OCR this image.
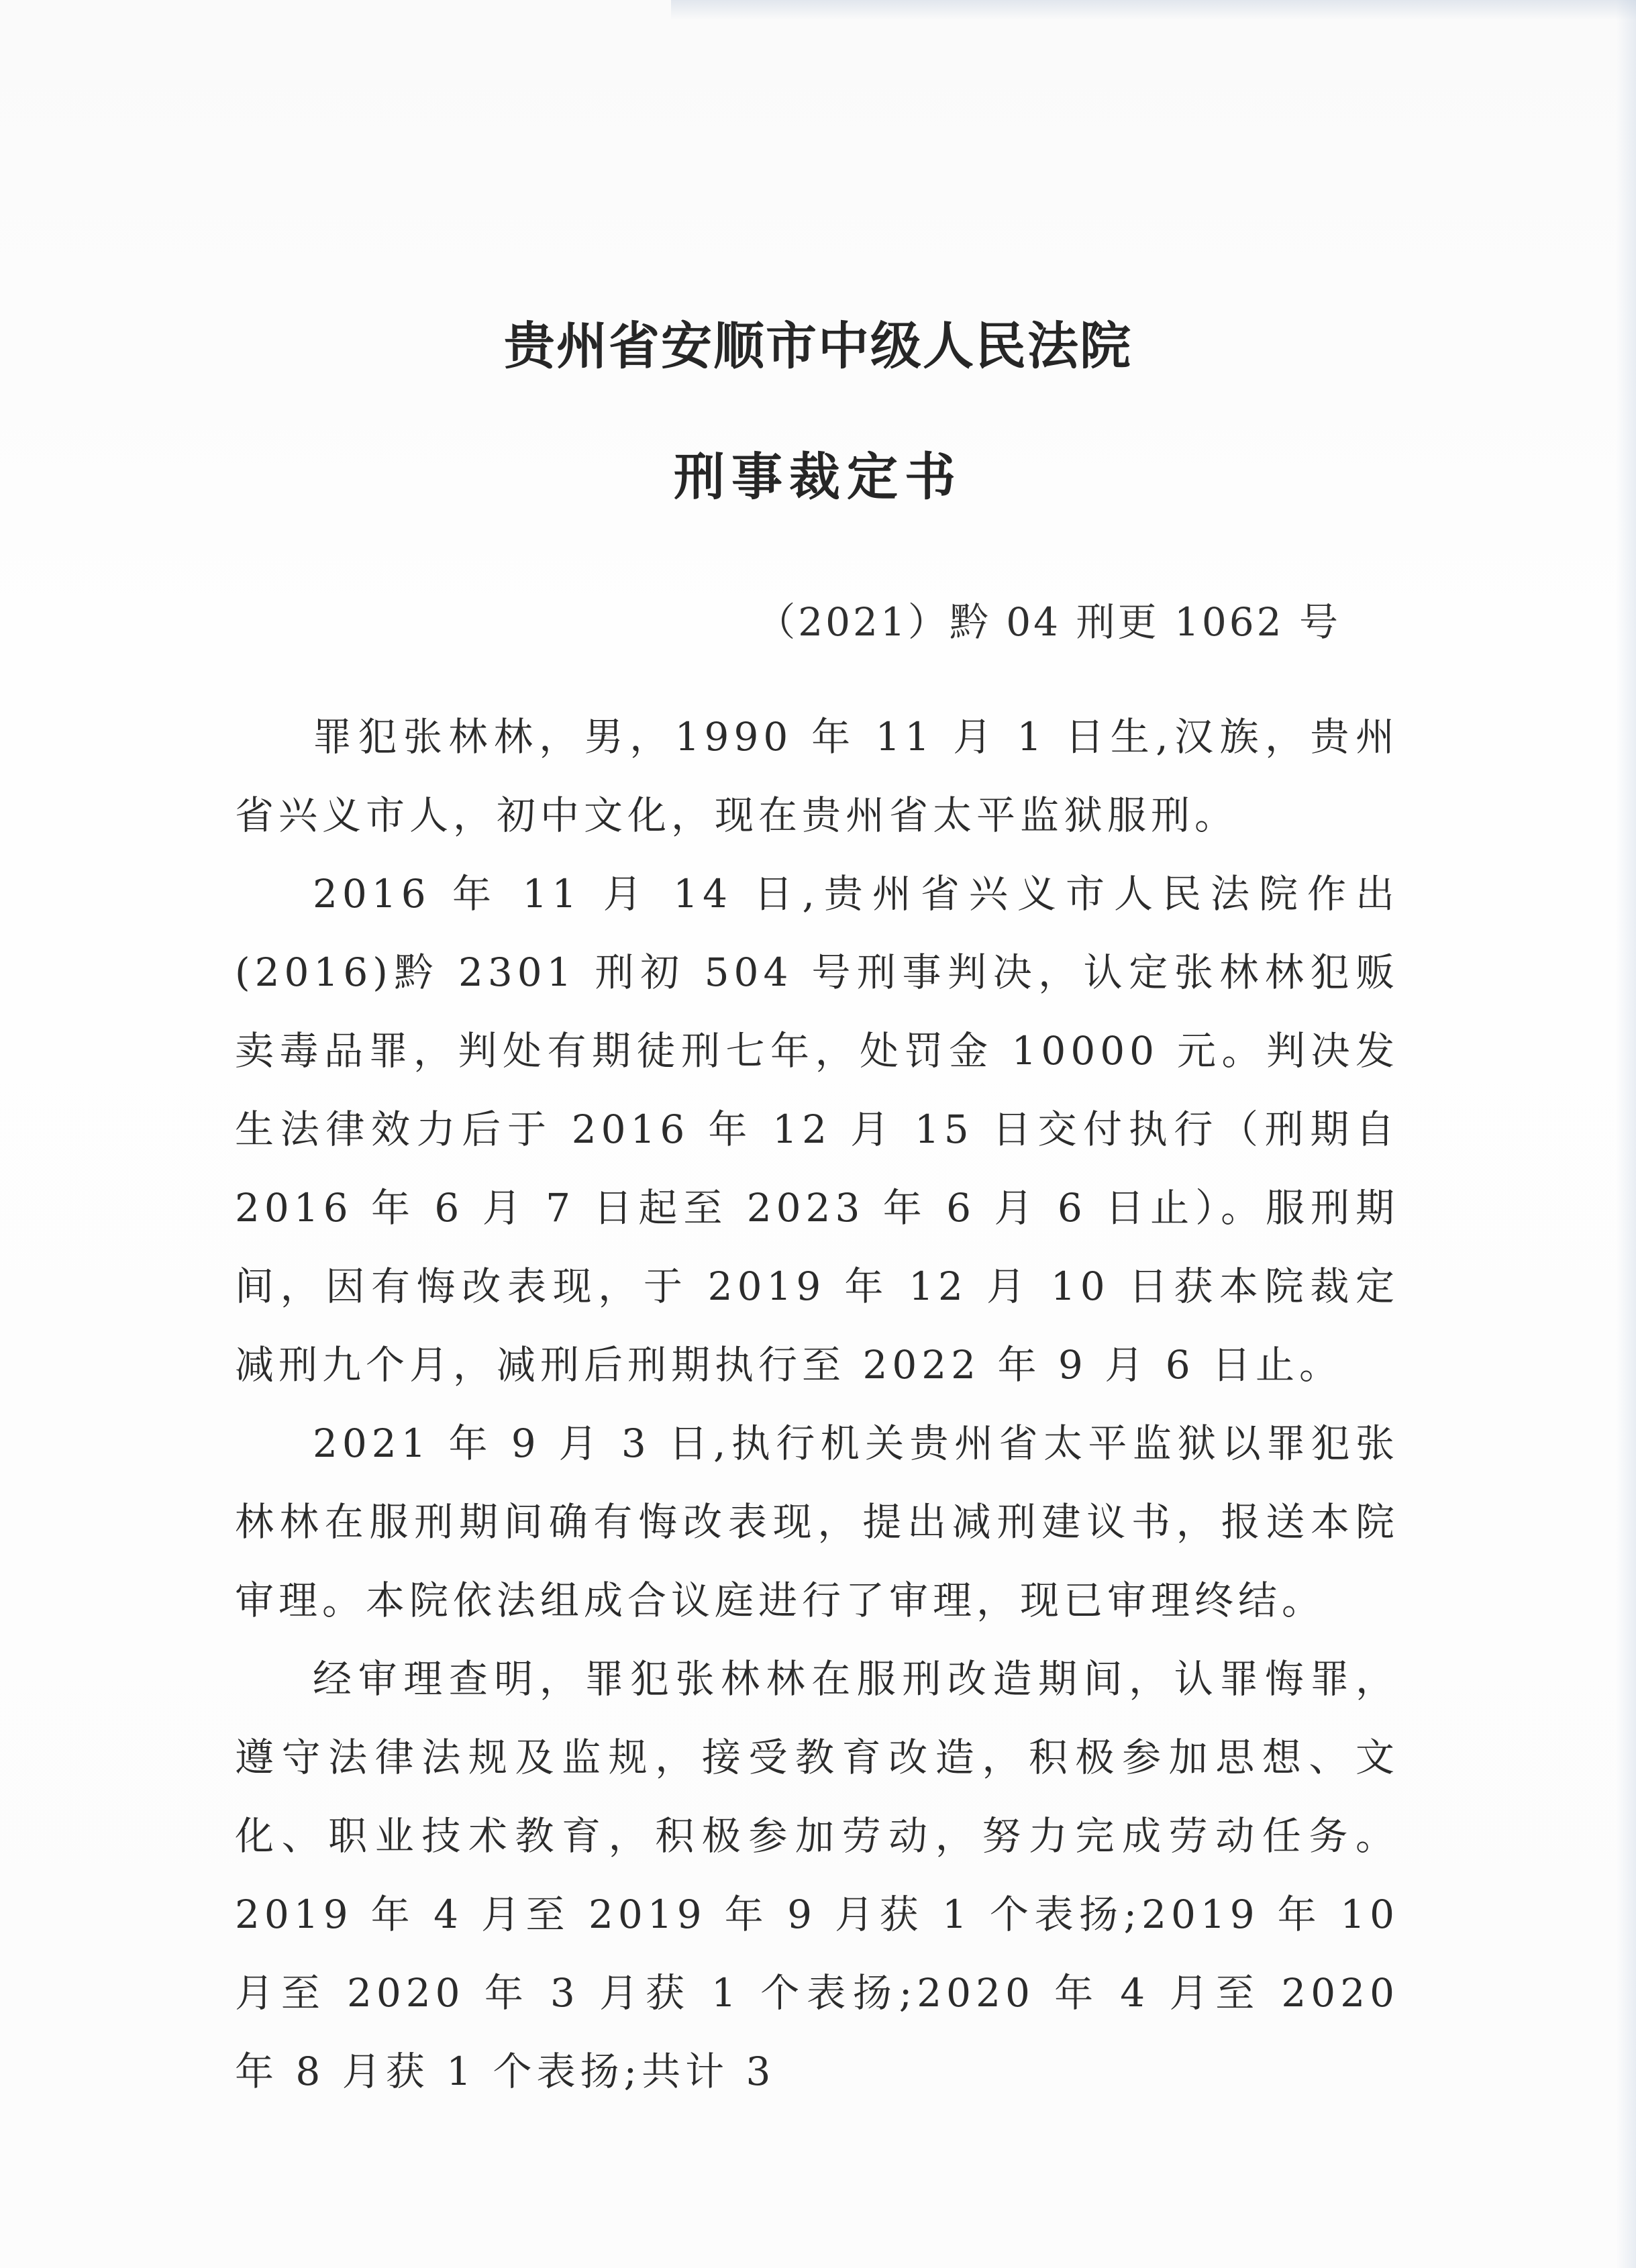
贵州省安顺市中级人民法院
刑事裁定书
（2021）黔 04 刑更 1062 号

罪犯张林林，男，1990 年 11 月 1 日生,汉族，贵州省兴义市人，初中文化，现在贵州省太平监狱服刑。

2016 年 11 月 14 日,贵州省兴义市人民法院作出(2016)黔 2301 刑初 504 号刑事判决，认定张林林犯贩卖毒品罪，判处有期徒刑七年，处罚金 10000 元。判决发生法律效力后于 2016 年 12 月 15 日交付执行（刑期自 2016 年 6 月 7 日起至 2023 年 6 月 6 日止）。服刑期间，因有悔改表现，于 2019 年 12 月 10 日获本院裁定减刑九个月，减刑后刑期执行至 2022 年 9 月 6 日止。

2021 年 9 月 3 日,执行机关贵州省太平监狱以罪犯张林林在服刑期间确有悔改表现，提出减刑建议书，报送本院审理。本院依法组成合议庭进行了审理，现已审理终结。

经审理查明，罪犯张林林在服刑改造期间，认罪悔罪，遵守法律法规及监规，接受教育改造，积极参加思想、文化、职业技术教育，积极参加劳动，努力完成劳动任务。2019 年 4 月至 2019 年 9 月获 1 个表扬;2019 年 10 月至 2020 年 3 月获 1 个表扬;2020 年 4 月至 2020 年 8 月获 1 个表扬;共计 3
